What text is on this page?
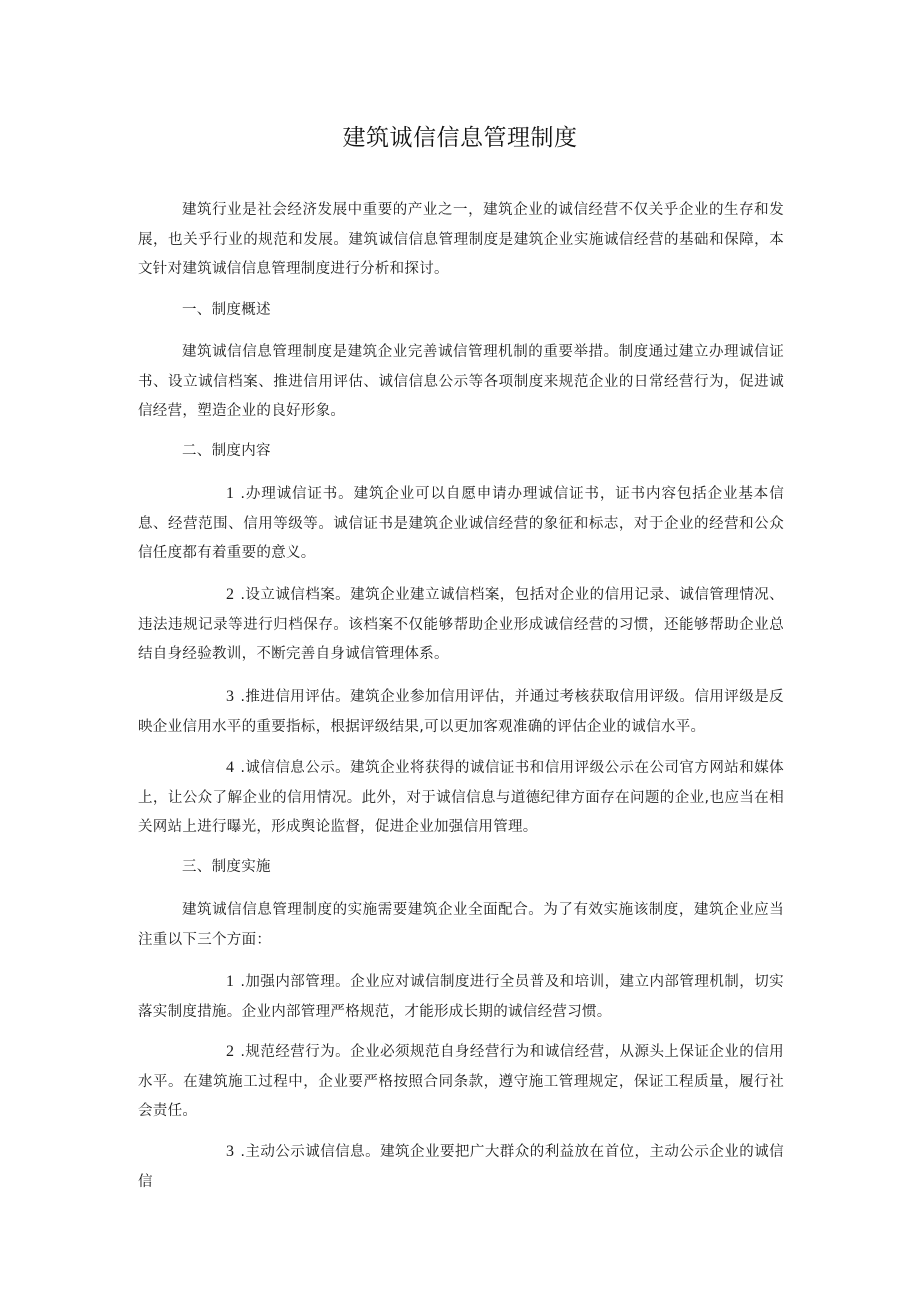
建筑诚信信息管理制度

建筑行业是社会经济发展中重要的产业之一，建筑企业的诚信经营不仅关乎企业的生存和发展，也关乎行业的规范和发展。建筑诚信信息管理制度是建筑企业实施诚信经营的基础和保障，本文针对建筑诚信信息管理制度进行分析和探讨。

一、制度概述

建筑诚信信息管理制度是建筑企业完善诚信管理机制的重要举措。制度通过建立办理诚信证书、设立诚信档案、推进信用评估、诚信信息公示等各项制度来规范企业的日常经营行为，促进诚信经营，塑造企业的良好形象。

二、制度内容

1 .办理诚信证书。建筑企业可以自愿申请办理诚信证书，证书内容包括企业基本信息、经营范围、信用等级等。诚信证书是建筑企业诚信经营的象征和标志，对于企业的经营和公众信任度都有着重要的意义。

2 .设立诚信档案。建筑企业建立诚信档案，包括对企业的信用记录、诚信管理情况、违法违规记录等进行归档保存。该档案不仅能够帮助企业形成诚信经营的习惯，还能够帮助企业总结自身经验教训，不断完善自身诚信管理体系。

3 .推进信用评估。建筑企业参加信用评估，并通过考核获取信用评级。信用评级是反映企业信用水平的重要指标，根据评级结果,可以更加客观准确的评估企业的诚信水平。

4 .诚信信息公示。建筑企业将获得的诚信证书和信用评级公示在公司官方网站和媒体上，让公众了解企业的信用情况。此外，对于诚信信息与道德纪律方面存在问题的企业,也应当在相关网站上进行曝光，形成舆论监督，促进企业加强信用管理。

三、制度实施

建筑诚信信息管理制度的实施需要建筑企业全面配合。为了有效实施该制度，建筑企业应当注重以下三个方面：

1 .加强内部管理。企业应对诚信制度进行全员普及和培训，建立内部管理机制，切实落实制度措施。企业内部管理严格规范，才能形成长期的诚信经营习惯。

2 .规范经营行为。企业必须规范自身经营行为和诚信经营，从源头上保证企业的信用水平。在建筑施工过程中，企业要严格按照合同条款，遵守施工管理规定，保证工程质量，履行社会责任。

3 .主动公示诚信信息。建筑企业要把广大群众的利益放在首位，主动公示企业的诚信信
